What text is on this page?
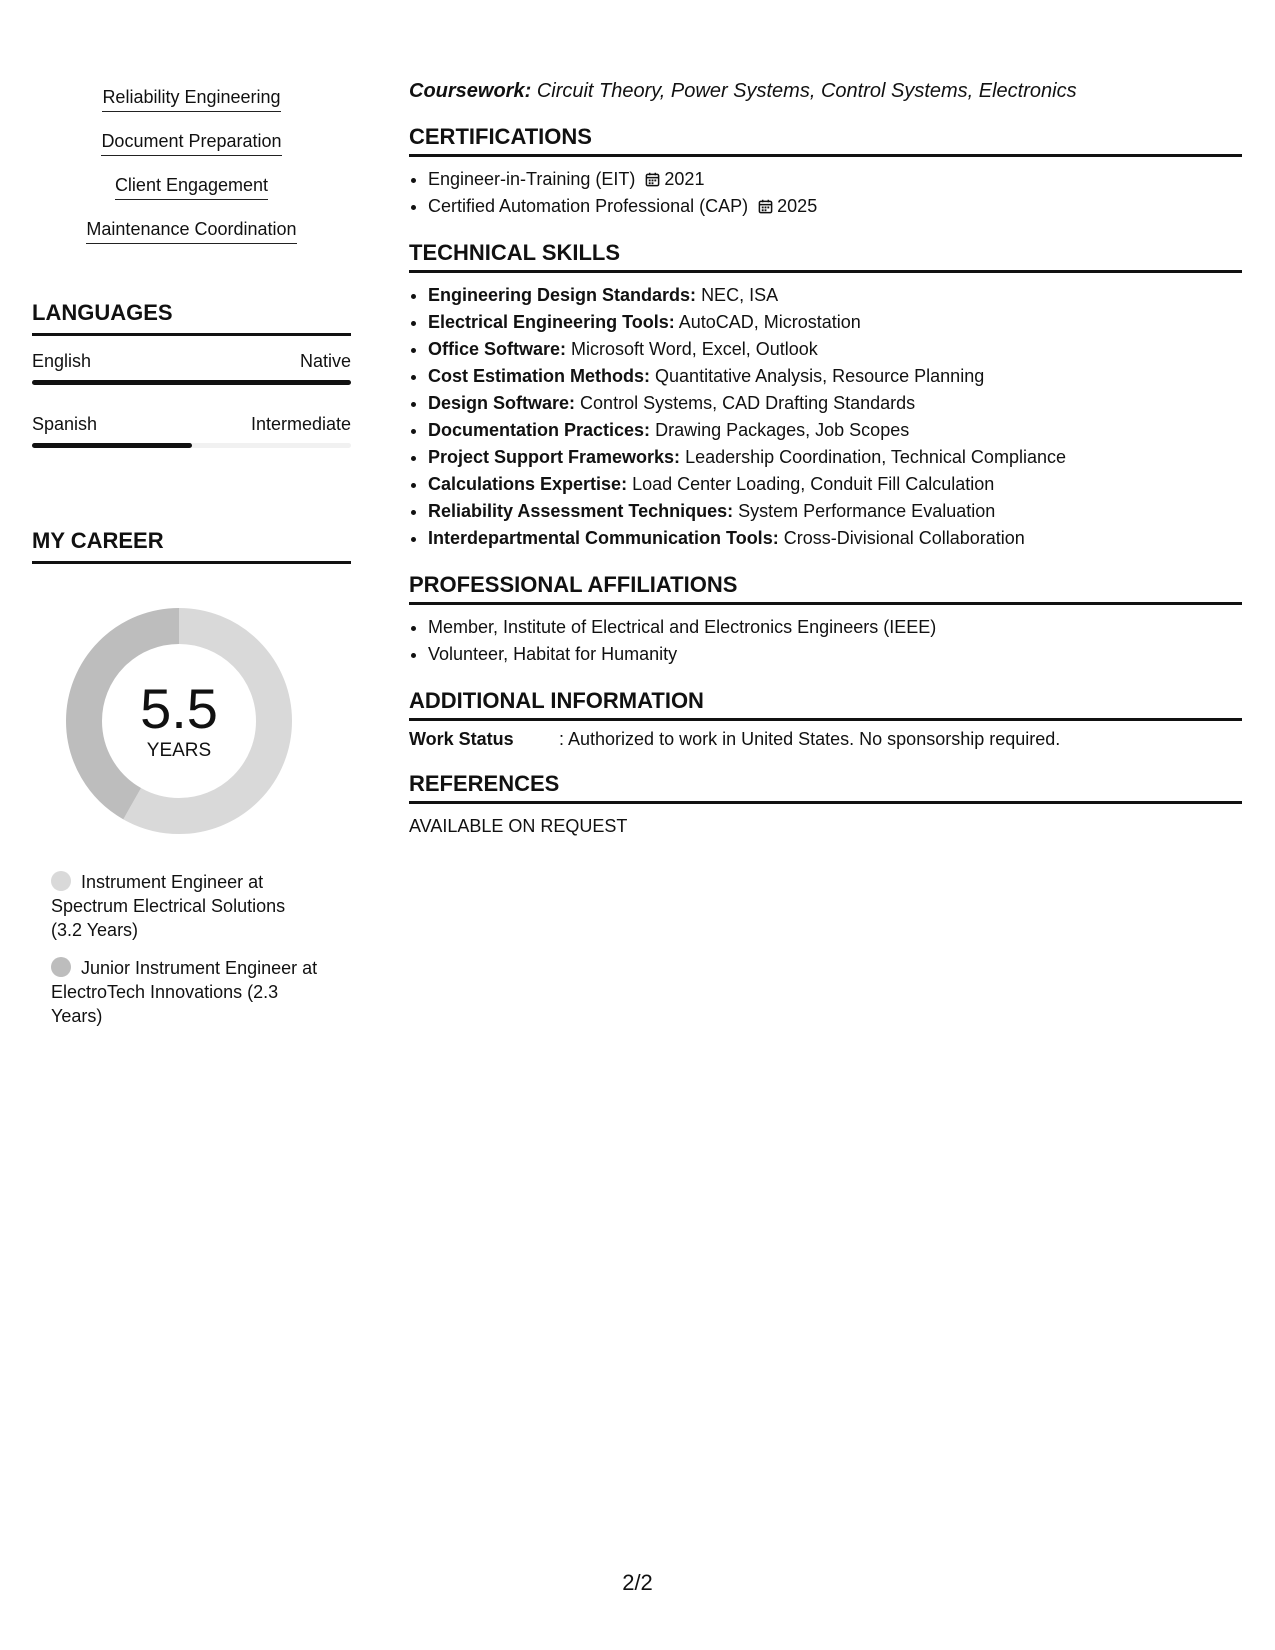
Reliability Engineering
Document Preparation
Client Engagement
Maintenance Coordination
LANGUAGES
English	Native
Spanish	Intermediate
MY CAREER
5.5
YEARS
Instrument Engineer at Spectrum Electrical Solutions (3.2 Years)
Junior Instrument Engineer at ElectroTech Innovations (2.3 Years)
Coursework: Circuit Theory, Power Systems, Control Systems, Electronics
CERTIFICATIONS
• Engineer-in-Training (EIT) 2021
• Certified Automation Professional (CAP) 2025
TECHNICAL SKILLS
• Engineering Design Standards: NEC, ISA
• Electrical Engineering Tools: AutoCAD, Microstation
• Office Software: Microsoft Word, Excel, Outlook
• Cost Estimation Methods: Quantitative Analysis, Resource Planning
• Design Software: Control Systems, CAD Drafting Standards
• Documentation Practices: Drawing Packages, Job Scopes
• Project Support Frameworks: Leadership Coordination, Technical Compliance
• Calculations Expertise: Load Center Loading, Conduit Fill Calculation
• Reliability Assessment Techniques: System Performance Evaluation
• Interdepartmental Communication Tools: Cross-Divisional Collaboration
PROFESSIONAL AFFILIATIONS
• Member, Institute of Electrical and Electronics Engineers (IEEE)
• Volunteer, Habitat for Humanity
ADDITIONAL INFORMATION
Work Status	: Authorized to work in United States. No sponsorship required.
REFERENCES
AVAILABLE ON REQUEST
2/2
